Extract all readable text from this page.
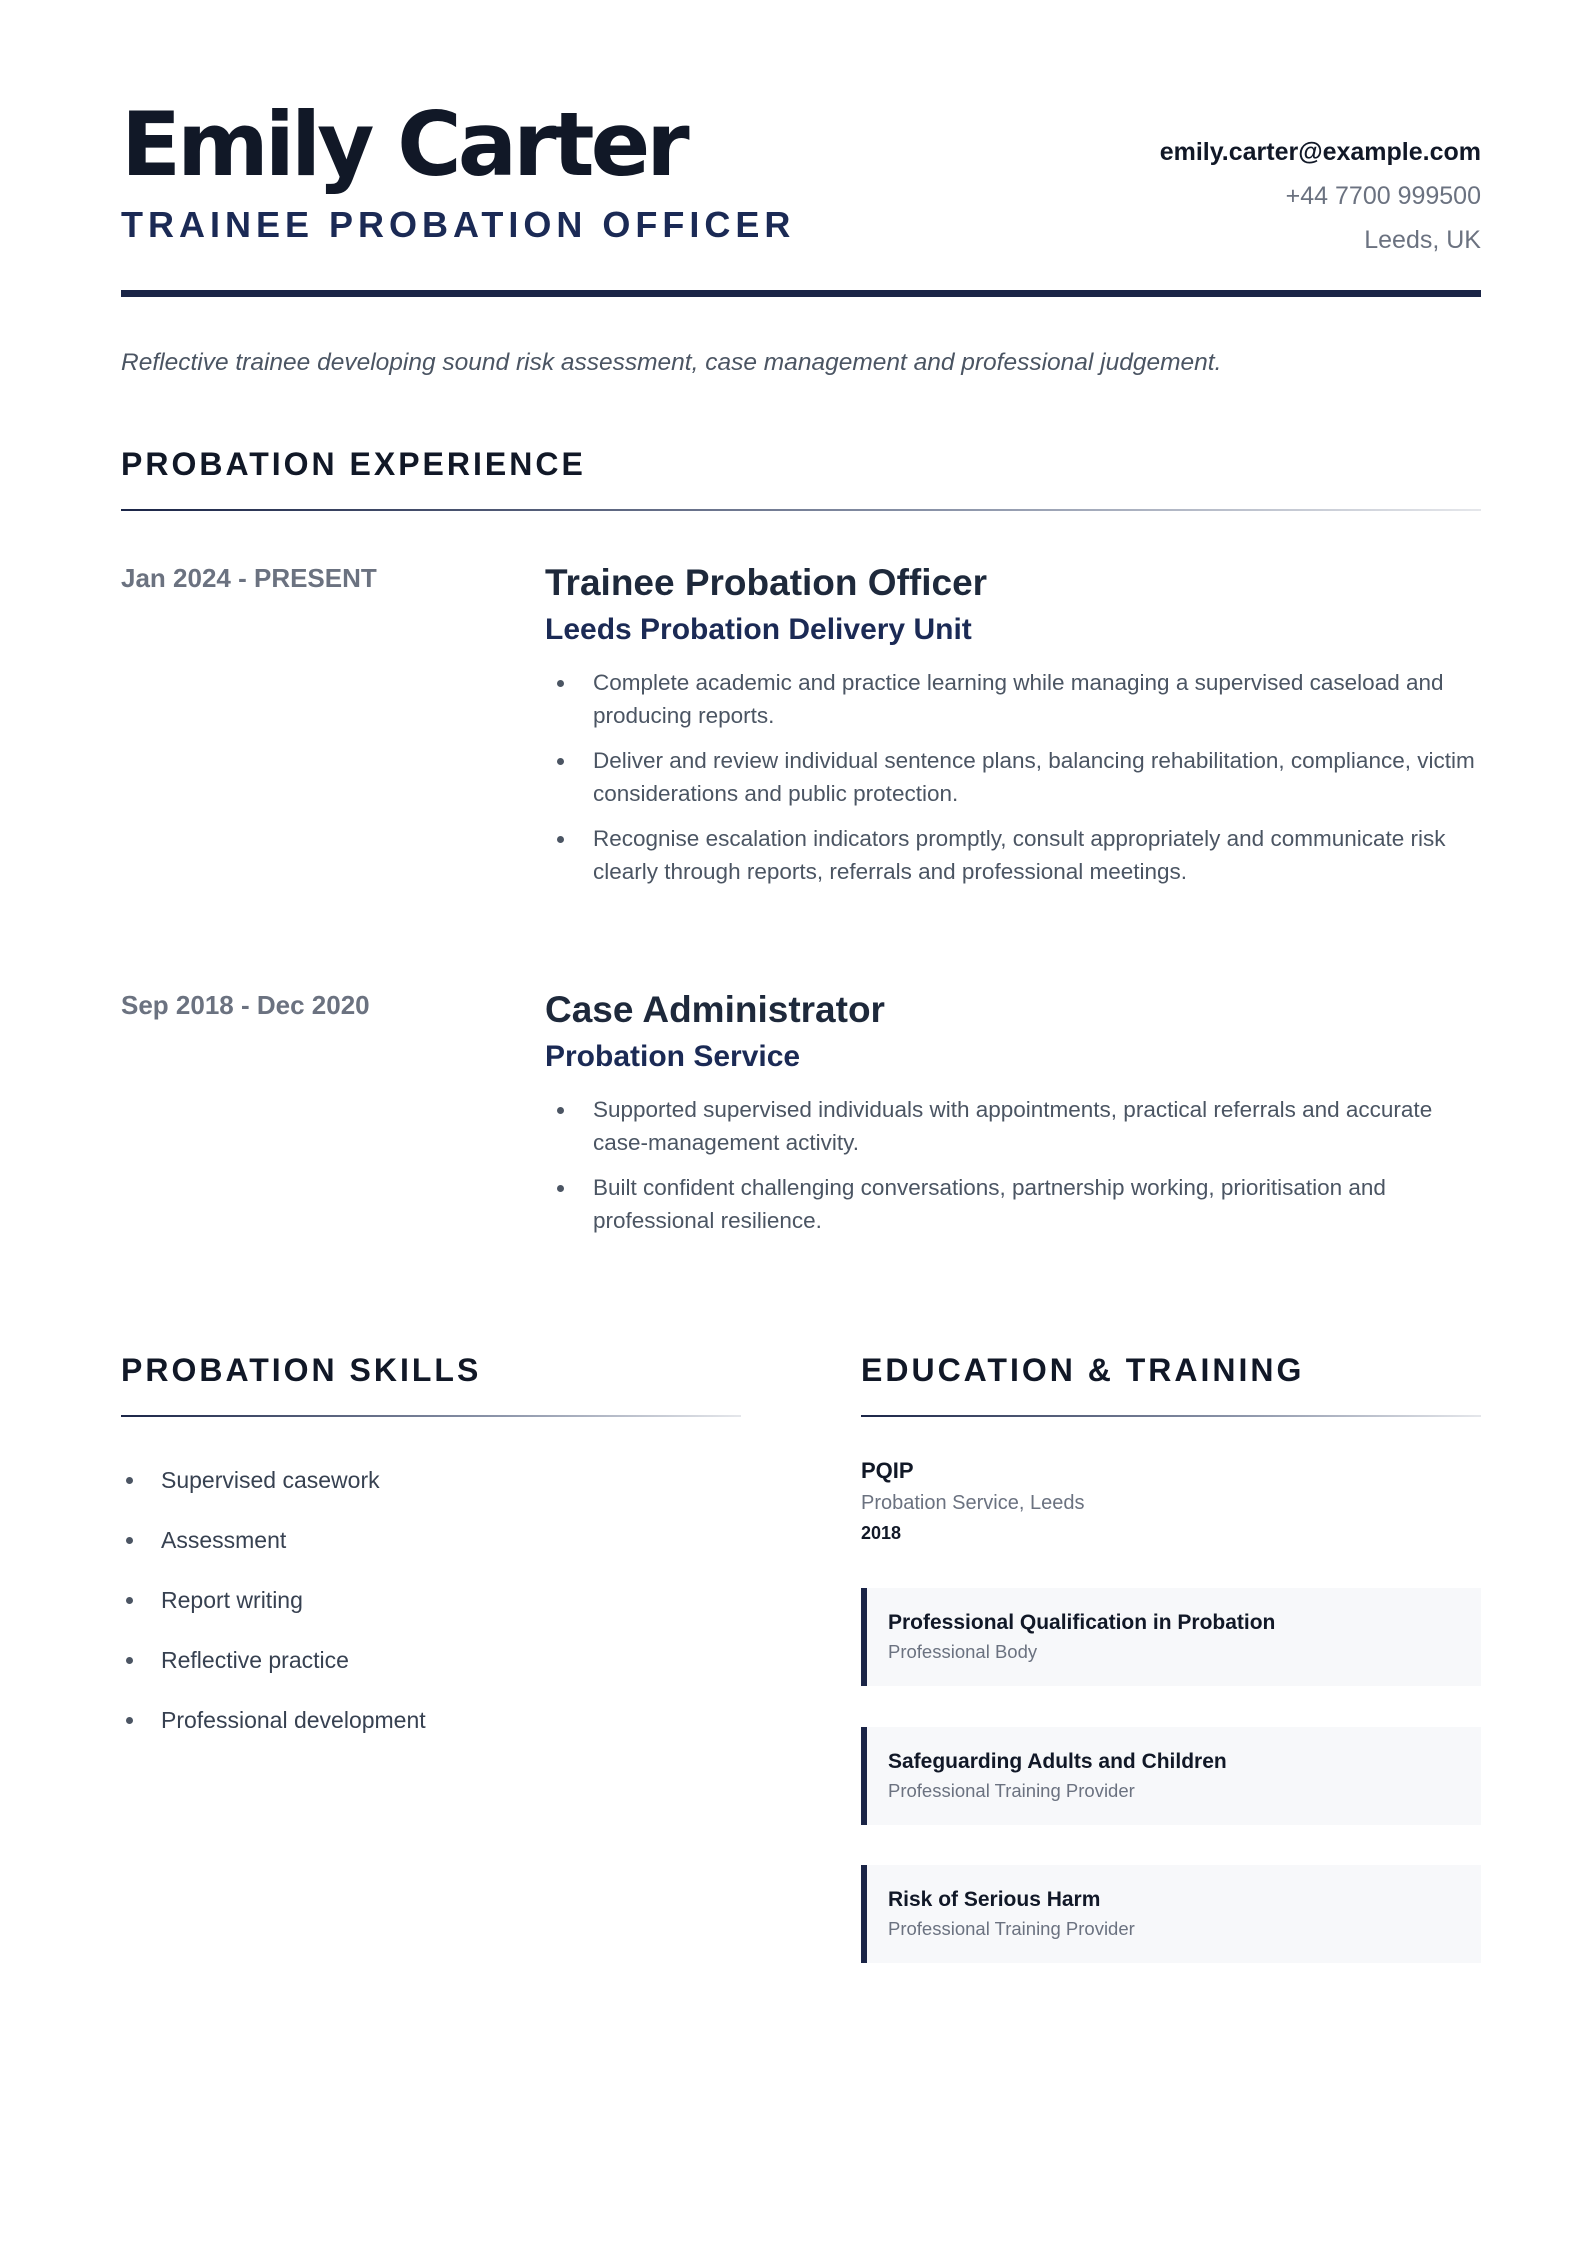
Emily Carter
TRAINEE PROBATION OFFICER
emily.carter@example.com
+44 7700 999500
Leeds, UK
Reflective trainee developing sound risk assessment, case management and professional judgement.
PROBATION EXPERIENCE
Jan 2024 - PRESENT	Trainee Probation Officer
Leeds Probation Delivery Unit
Complete academic and practice learning while managing a supervised caseload and producing reports.
Deliver and review individual sentence plans, balancing rehabilitation, compliance, victim considerations and public protection.
Recognise escalation indicators promptly, consult appropriately and communicate risk clearly through reports, referrals and professional meetings.
Sep 2018 - Dec 2020	Case Administrator
Probation Service
Supported supervised individuals with appointments, practical referrals and accurate case-management activity.
Built confident challenging conversations, partnership working, prioritisation and professional resilience.
PROBATION SKILLS
Supervised casework
Assessment
Report writing
Reflective practice
Professional development
EDUCATION & TRAINING
PQIP
Probation Service, Leeds
2018
Professional Qualification in Probation
Professional Body
Safeguarding Adults and Children
Professional Training Provider
Risk of Serious Harm
Professional Training Provider
